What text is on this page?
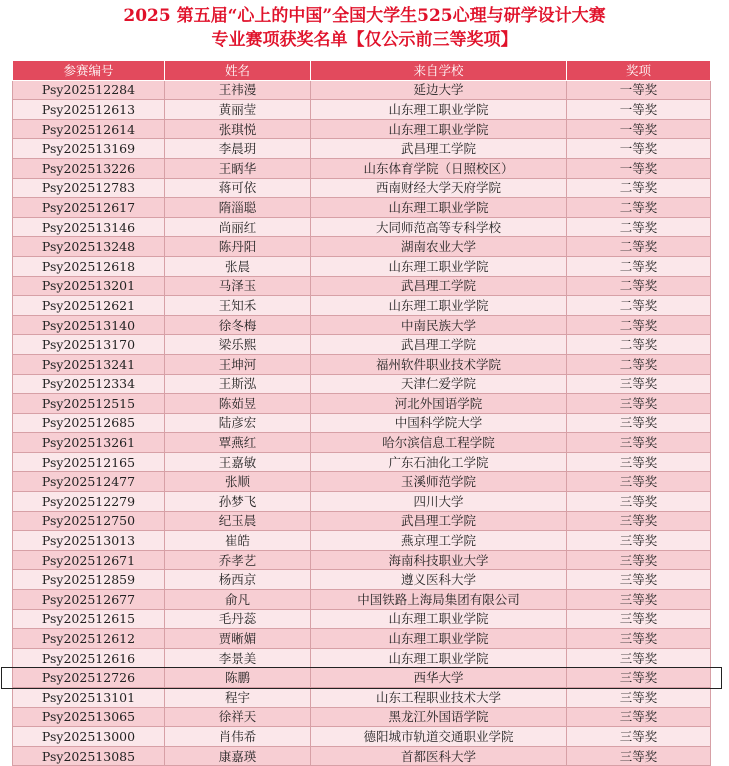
2025 第五届“心上的中国”全国大学生525心理与研学设计大赛
专业赛项获奖名单【仅公示前三等奖项】
参赛编号	姓名	来自学校	奖项
Psy202512284	王祎漫	延边大学	一等奖
Psy202512613	黄丽莹	山东理工职业学院	一等奖
Psy202512614	张琪悦	山东理工职业学院	一等奖
Psy202513169	李晨玥	武昌理工学院	一等奖
Psy202513226	王昞华	山东体育学院（日照校区）	一等奖
Psy202512783	蒋可依	西南财经大学天府学院	二等奖
Psy202512617	隋淄聪	山东理工职业学院	二等奖
Psy202513146	尚丽红	大同师范高等专科学校	二等奖
Psy202513248	陈丹阳	湖南农业大学	二等奖
Psy202512618	张晨	山东理工职业学院	二等奖
Psy202513201	马泽玉	武昌理工学院	二等奖
Psy202512621	王知禾	山东理工职业学院	二等奖
Psy202513140	徐冬梅	中南民族大学	二等奖
Psy202513170	梁乐熙	武昌理工学院	二等奖
Psy202513241	王坤河	福州软件职业技术学院	二等奖
Psy202512334	王斯泓	天津仁爱学院	三等奖
Psy202512515	陈茹昱	河北外国语学院	三等奖
Psy202512685	陆彦宏	中国科学院大学	三等奖
Psy202513261	覃燕红	哈尔滨信息工程学院	三等奖
Psy202512165	王嘉敏	广东石油化工学院	三等奖
Psy202512477	张顺	玉溪师范学院	三等奖
Psy202512279	孙梦飞	四川大学	三等奖
Psy202512750	纪玉晨	武昌理工学院	三等奖
Psy202513013	崔皓	燕京理工学院	三等奖
Psy202512671	乔孝艺	海南科技职业大学	三等奖
Psy202512859	杨西京	遵义医科大学	三等奖
Psy202512677	俞凡	中国铁路上海局集团有限公司	三等奖
Psy202512615	毛丹蕊	山东理工职业学院	三等奖
Psy202512612	贾晰媚	山东理工职业学院	三等奖
Psy202512616	李景美	山东理工职业学院	三等奖
Psy202512726	陈鹏	西华大学	三等奖
Psy202513101	程宇	山东工程职业技术大学	三等奖
Psy202513065	徐祥天	黑龙江外国语学院	三等奖
Psy202513000	肖伟希	德阳城市轨道交通职业学院	三等奖
Psy202513085	康嘉瑛	首都医科大学	三等奖
